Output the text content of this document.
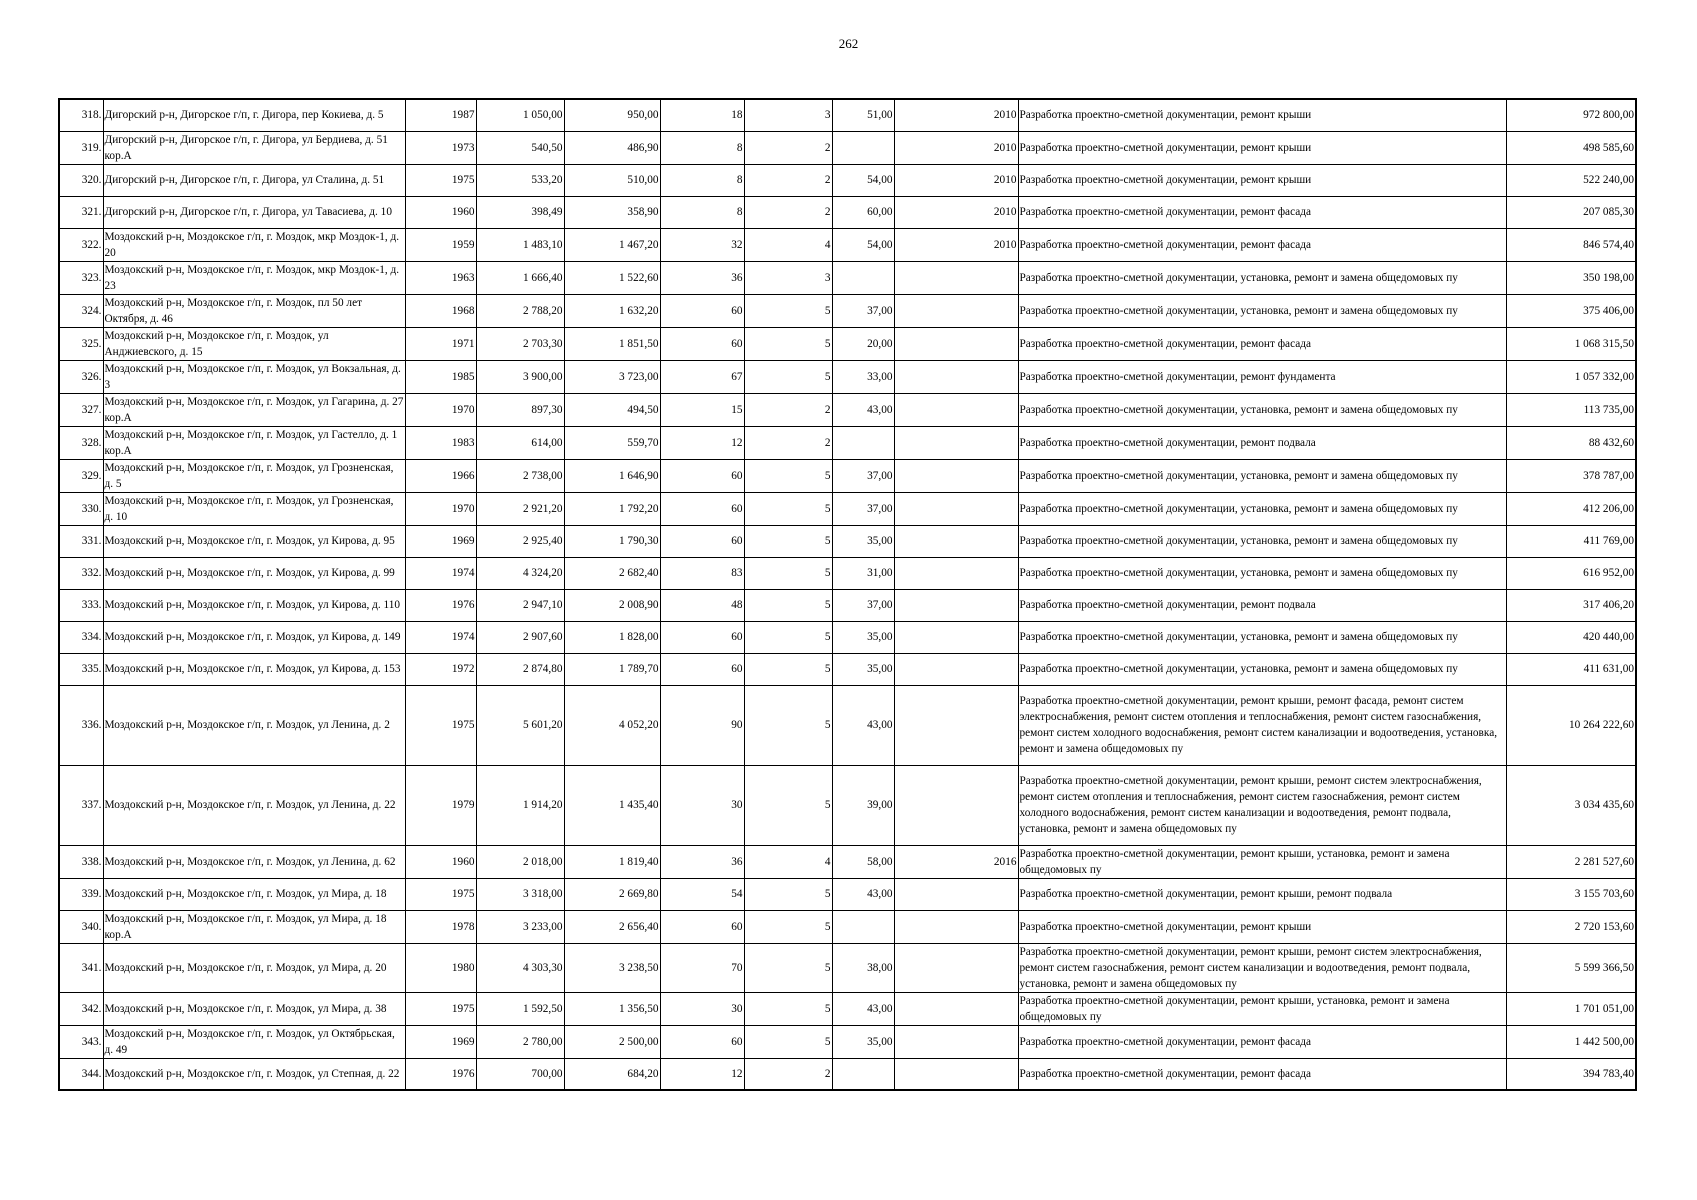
262
318.	Дигорский р-н, Дигорское г/п, г. Дигора, пер Кокиева, д. 5	1987	1 050,00	950,00	18	3	51,00	2010	Разработка проектно-сметной документации, ремонт крыши	972 800,00
319.	Дигорский р-н, Дигорское г/п, г. Дигора, ул Бердиева, д. 51 кор.А	1973	540,50	486,90	8	2		2010	Разработка проектно-сметной документации, ремонт крыши	498 585,60
320.	Дигорский р-н, Дигорское г/п, г. Дигора, ул Сталина, д. 51	1975	533,20	510,00	8	2	54,00	2010	Разработка проектно-сметной документации, ремонт крыши	522 240,00
321.	Дигорский р-н, Дигорское г/п, г. Дигора, ул Тавасиева, д. 10	1960	398,49	358,90	8	2	60,00	2010	Разработка проектно-сметной документации, ремонт фасада	207 085,30
322.	Моздокский р-н, Моздокское г/п, г. Моздок, мкр Моздок-1, д. 20	1959	1 483,10	1 467,20	32	4	54,00	2010	Разработка проектно-сметной документации, ремонт фасада	846 574,40
323.	Моздокский р-н, Моздокское г/п, г. Моздок, мкр Моздок-1, д. 23	1963	1 666,40	1 522,60	36	3			Разработка проектно-сметной документации, установка, ремонт и замена общедомовых пу	350 198,00
324.	Моздокский р-н, Моздокское г/п, г. Моздок, пл 50 лет Октября, д. 46	1968	2 788,20	1 632,20	60	5	37,00		Разработка проектно-сметной документации, установка, ремонт и замена общедомовых пу	375 406,00
325.	Моздокский р-н, Моздокское г/п, г. Моздок, ул Анджиевского, д. 15	1971	2 703,30	1 851,50	60	5	20,00		Разработка проектно-сметной документации, ремонт фасада	1 068 315,50
326.	Моздокский р-н, Моздокское г/п, г. Моздок, ул Вокзальная, д. 3	1985	3 900,00	3 723,00	67	5	33,00		Разработка проектно-сметной документации, ремонт фундамента	1 057 332,00
327.	Моздокский р-н, Моздокское г/п, г. Моздок, ул Гагарина, д. 27 кор.А	1970	897,30	494,50	15	2	43,00		Разработка проектно-сметной документации, установка, ремонт и замена общедомовых пу	113 735,00
328.	Моздокский р-н, Моздокское г/п, г. Моздок, ул Гастелло, д. 1 кор.А	1983	614,00	559,70	12	2			Разработка проектно-сметной документации, ремонт подвала	88 432,60
329.	Моздокский р-н, Моздокское г/п, г. Моздок, ул Грозненская, д. 5	1966	2 738,00	1 646,90	60	5	37,00		Разработка проектно-сметной документации, установка, ремонт и замена общедомовых пу	378 787,00
330.	Моздокский р-н, Моздокское г/п, г. Моздок, ул Грозненская, д. 10	1970	2 921,20	1 792,20	60	5	37,00		Разработка проектно-сметной документации, установка, ремонт и замена общедомовых пу	412 206,00
331.	Моздокский р-н, Моздокское г/п, г. Моздок, ул Кирова, д. 95	1969	2 925,40	1 790,30	60	5	35,00		Разработка проектно-сметной документации, установка, ремонт и замена общедомовых пу	411 769,00
332.	Моздокский р-н, Моздокское г/п, г. Моздок, ул Кирова, д. 99	1974	4 324,20	2 682,40	83	5	31,00		Разработка проектно-сметной документации, установка, ремонт и замена общедомовых пу	616 952,00
333.	Моздокский р-н, Моздокское г/п, г. Моздок, ул Кирова, д. 110	1976	2 947,10	2 008,90	48	5	37,00		Разработка проектно-сметной документации, ремонт подвала	317 406,20
334.	Моздокский р-н, Моздокское г/п, г. Моздок, ул Кирова, д. 149	1974	2 907,60	1 828,00	60	5	35,00		Разработка проектно-сметной документации, установка, ремонт и замена общедомовых пу	420 440,00
335.	Моздокский р-н, Моздокское г/п, г. Моздок, ул Кирова, д. 153	1972	2 874,80	1 789,70	60	5	35,00		Разработка проектно-сметной документации, установка, ремонт и замена общедомовых пу	411 631,00
336.	Моздокский р-н, Моздокское г/п, г. Моздок, ул Ленина, д. 2	1975	5 601,20	4 052,20	90	5	43,00		Разработка проектно-сметной документации, ремонт крыши, ремонт фасада, ремонт систем электроснабжения, ремонт систем отопления и теплоснабжения, ремонт систем газоснабжения, ремонт систем холодного водоснабжения, ремонт систем канализации и водоотведения, установка, ремонт и замена общедомовых пу	10 264 222,60
337.	Моздокский р-н, Моздокское г/п, г. Моздок, ул Ленина, д. 22	1979	1 914,20	1 435,40	30	5	39,00		Разработка проектно-сметной документации, ремонт крыши, ремонт систем электроснабжения, ремонт систем отопления и теплоснабжения, ремонт систем газоснабжения, ремонт систем холодного водоснабжения, ремонт систем канализации и водоотведения, ремонт подвала, установка, ремонт и замена общедомовых пу	3 034 435,60
338.	Моздокский р-н, Моздокское г/п, г. Моздок, ул Ленина, д. 62	1960	2 018,00	1 819,40	36	4	58,00	2016	Разработка проектно-сметной документации, ремонт крыши, установка, ремонт и замена общедомовых пу	2 281 527,60
339.	Моздокский р-н, Моздокское г/п, г. Моздок, ул Мира, д. 18	1975	3 318,00	2 669,80	54	5	43,00		Разработка проектно-сметной документации, ремонт крыши, ремонт подвала	3 155 703,60
340.	Моздокский р-н, Моздокское г/п, г. Моздок, ул Мира, д. 18 кор.А	1978	3 233,00	2 656,40	60	5			Разработка проектно-сметной документации, ремонт крыши	2 720 153,60
341.	Моздокский р-н, Моздокское г/п, г. Моздок, ул Мира, д. 20	1980	4 303,30	3 238,50	70	5	38,00		Разработка проектно-сметной документации, ремонт крыши, ремонт систем электроснабжения, ремонт систем газоснабжения, ремонт систем канализации и водоотведения, ремонт подвала, установка, ремонт и замена общедомовых пу	5 599 366,50
342.	Моздокский р-н, Моздокское г/п, г. Моздок, ул Мира, д. 38	1975	1 592,50	1 356,50	30	5	43,00		Разработка проектно-сметной документации, ремонт крыши, установка, ремонт и замена общедомовых пу	1 701 051,00
343.	Моздокский р-н, Моздокское г/п, г. Моздок, ул Октябрьская, д. 49	1969	2 780,00	2 500,00	60	5	35,00		Разработка проектно-сметной документации, ремонт фасада	1 442 500,00
344.	Моздокский р-н, Моздокское г/п, г. Моздок, ул Степная, д. 22	1976	700,00	684,20	12	2			Разработка проектно-сметной документации, ремонт фасада	394 783,40
